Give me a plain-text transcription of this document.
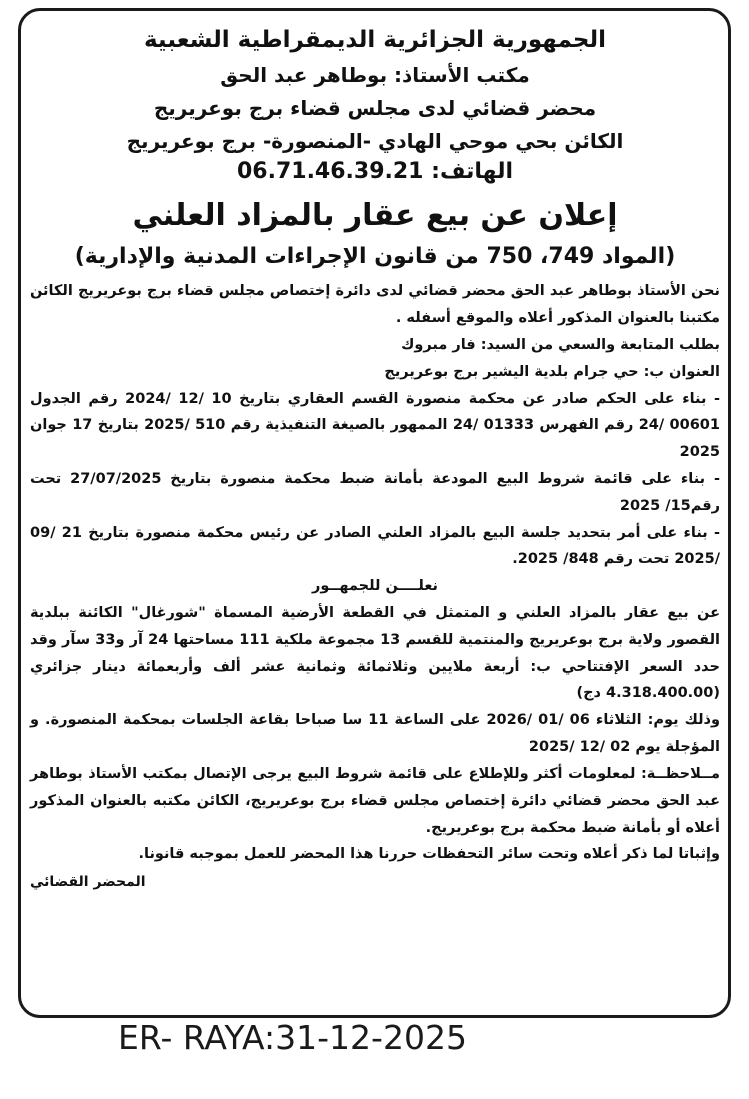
الجمهورية الجزائرية الديمقراطية الشعبية

مكتب الأستاذ: بوطاهر عبد الحق

محضر قضائي لدى مجلس قضاء برج بوعريريج

الكائن بحي موحي الهادي -المنصورة- برج بوعريريج

الهاتف: 06.71.46.39.21

إعلان عن بيع عقار بالمزاد العلني

(المواد 749، 750 من قانون الإجراءات المدنية والإدارية)

نحن الأستاذ بوطاهر عبد الحق محضر قضائي لدى دائرة إختصاص مجلس قضاء برج بوعريريج الكائن مكتبنا بالعنوان المذكور أعلاه والموقع أسفله .

بطلب المتابعة والسعي من السيد: فار مبروك

العنوان ب: حي جرام بلدية اليشير برج بوعريريج

- بناء على الحكم صادر عن محكمة منصورة القسم العقاري بتاريخ 10 /12 /2024 رقم الجدول 00601 /24 رقم الفهرس 01333 /24 الممهور بالصيغة التنفيذية رقم 510 /2025 بتاريخ 17 جوان 2025

- بناء على قائمة شروط البيع المودعة بأمانة ضبط محكمة منصورة بتاريخ 27/07/2025 تحت رقم15/ 2025

- بناء على أمر بتحديد جلسة البيع بالمزاد العلني الصادر عن رئيس محكمة منصورة بتاريخ 21 /09 /2025 تحت رقم 848/ 2025.

نعلــــن للجمهــور

عن بيع عقار بالمزاد العلني و المتمثل في القطعة الأرضية المسماة "شورغال" الكائنة ببلدية القصور ولاية برج بوعريريج والمنتمية للقسم 13 مجموعة ملكية 111 مساحتها 24 آر و33 سآر وقد حدد السعر الإفتتاحي ب: أربعة ملايين وثلاثمائة وثمانية عشر ألف وأربعمائة دينار جزائري (4.318.400.00 دج)

وذلك يوم: الثلاثاء 06 /01 /2026 على الساعة 11 سا صباحا بقاعة الجلسات بمحكمة المنصورة. و المؤجلة يوم 02 /12 /2025

مــلاحظــة: لمعلومات أكثر وللإطلاع على قائمة شروط البيع يرجى الإتصال بمكتب الأستاذ بوطاهر عبد الحق محضر قضائي دائرة إختصاص مجلس قضاء برج بوعريريج، الكائن مكتبه بالعنوان المذكور أعلاه أو بأمانة ضبط محكمة برج بوعريريج.

وإثباتا لما ذكر أعلاه وتحت سائر التحفظات حررنا هذا المحضر للعمل بموجبه قانونا.

المحضر القضائي

ER- RAYA:31-12-2025
